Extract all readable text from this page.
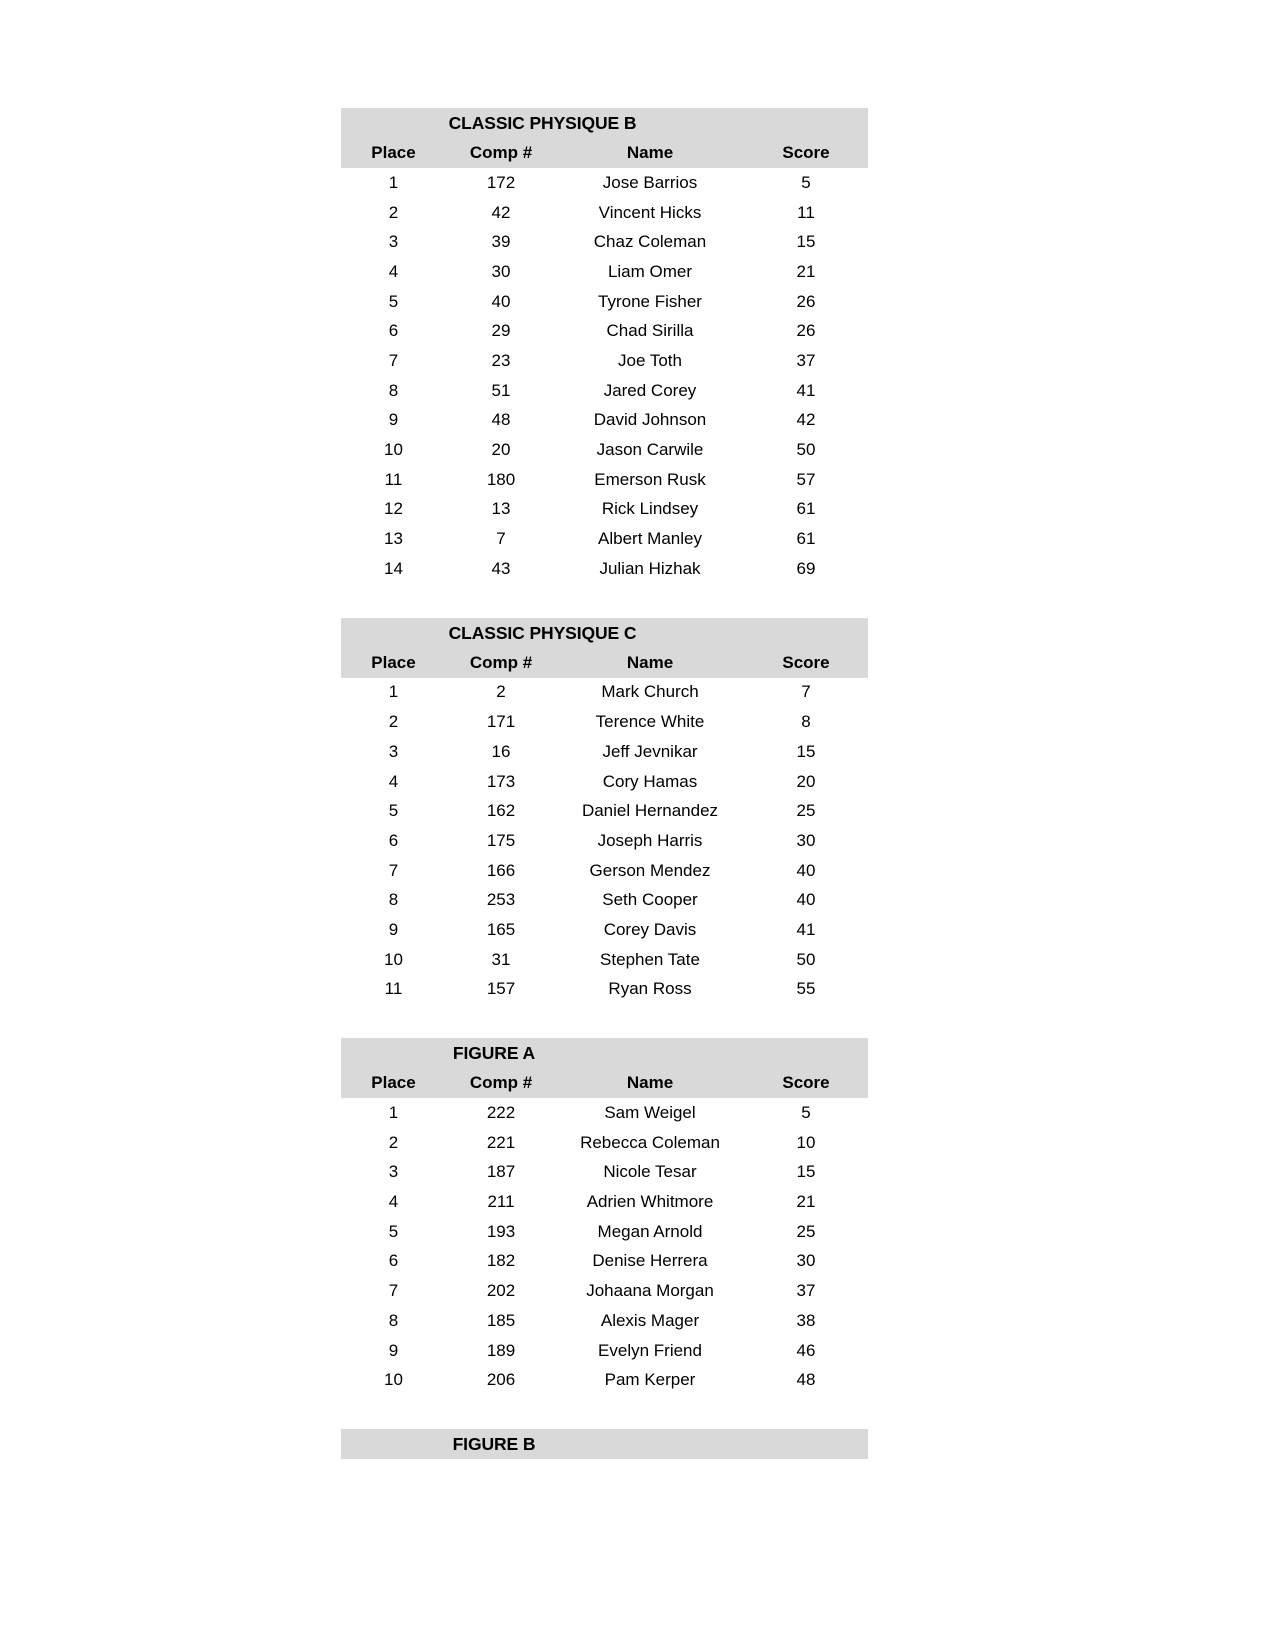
CLASSIC PHYSIQUE B
Place	Comp #	Name	Score
1	172	Jose Barrios	5
2	42	Vincent Hicks	11
3	39	Chaz Coleman	15
4	30	Liam Omer	21
5	40	Tyrone Fisher	26
6	29	Chad Sirilla	26
7	23	Joe Toth	37
8	51	Jared Corey	41
9	48	David Johnson	42
10	20	Jason Carwile	50
11	180	Emerson Rusk	57
12	13	Rick Lindsey	61
13	7	Albert Manley	61
14	43	Julian Hizhak	69
CLASSIC PHYSIQUE C
Place	Comp #	Name	Score
1	2	Mark Church	7
2	171	Terence White	8
3	16	Jeff Jevnikar	15
4	173	Cory Hamas	20
5	162	Daniel Hernandez	25
6	175	Joseph Harris	30
7	166	Gerson Mendez	40
8	253	Seth Cooper	40
9	165	Corey Davis	41
10	31	Stephen Tate	50
11	157	Ryan Ross	55
FIGURE A
Place	Comp #	Name	Score
1	222	Sam Weigel	5
2	221	Rebecca Coleman	10
3	187	Nicole Tesar	15
4	211	Adrien Whitmore	21
5	193	Megan Arnold	25
6	182	Denise Herrera	30
7	202	Johaana Morgan	37
8	185	Alexis Mager	38
9	189	Evelyn Friend	46
10	206	Pam Kerper	48
FIGURE B
